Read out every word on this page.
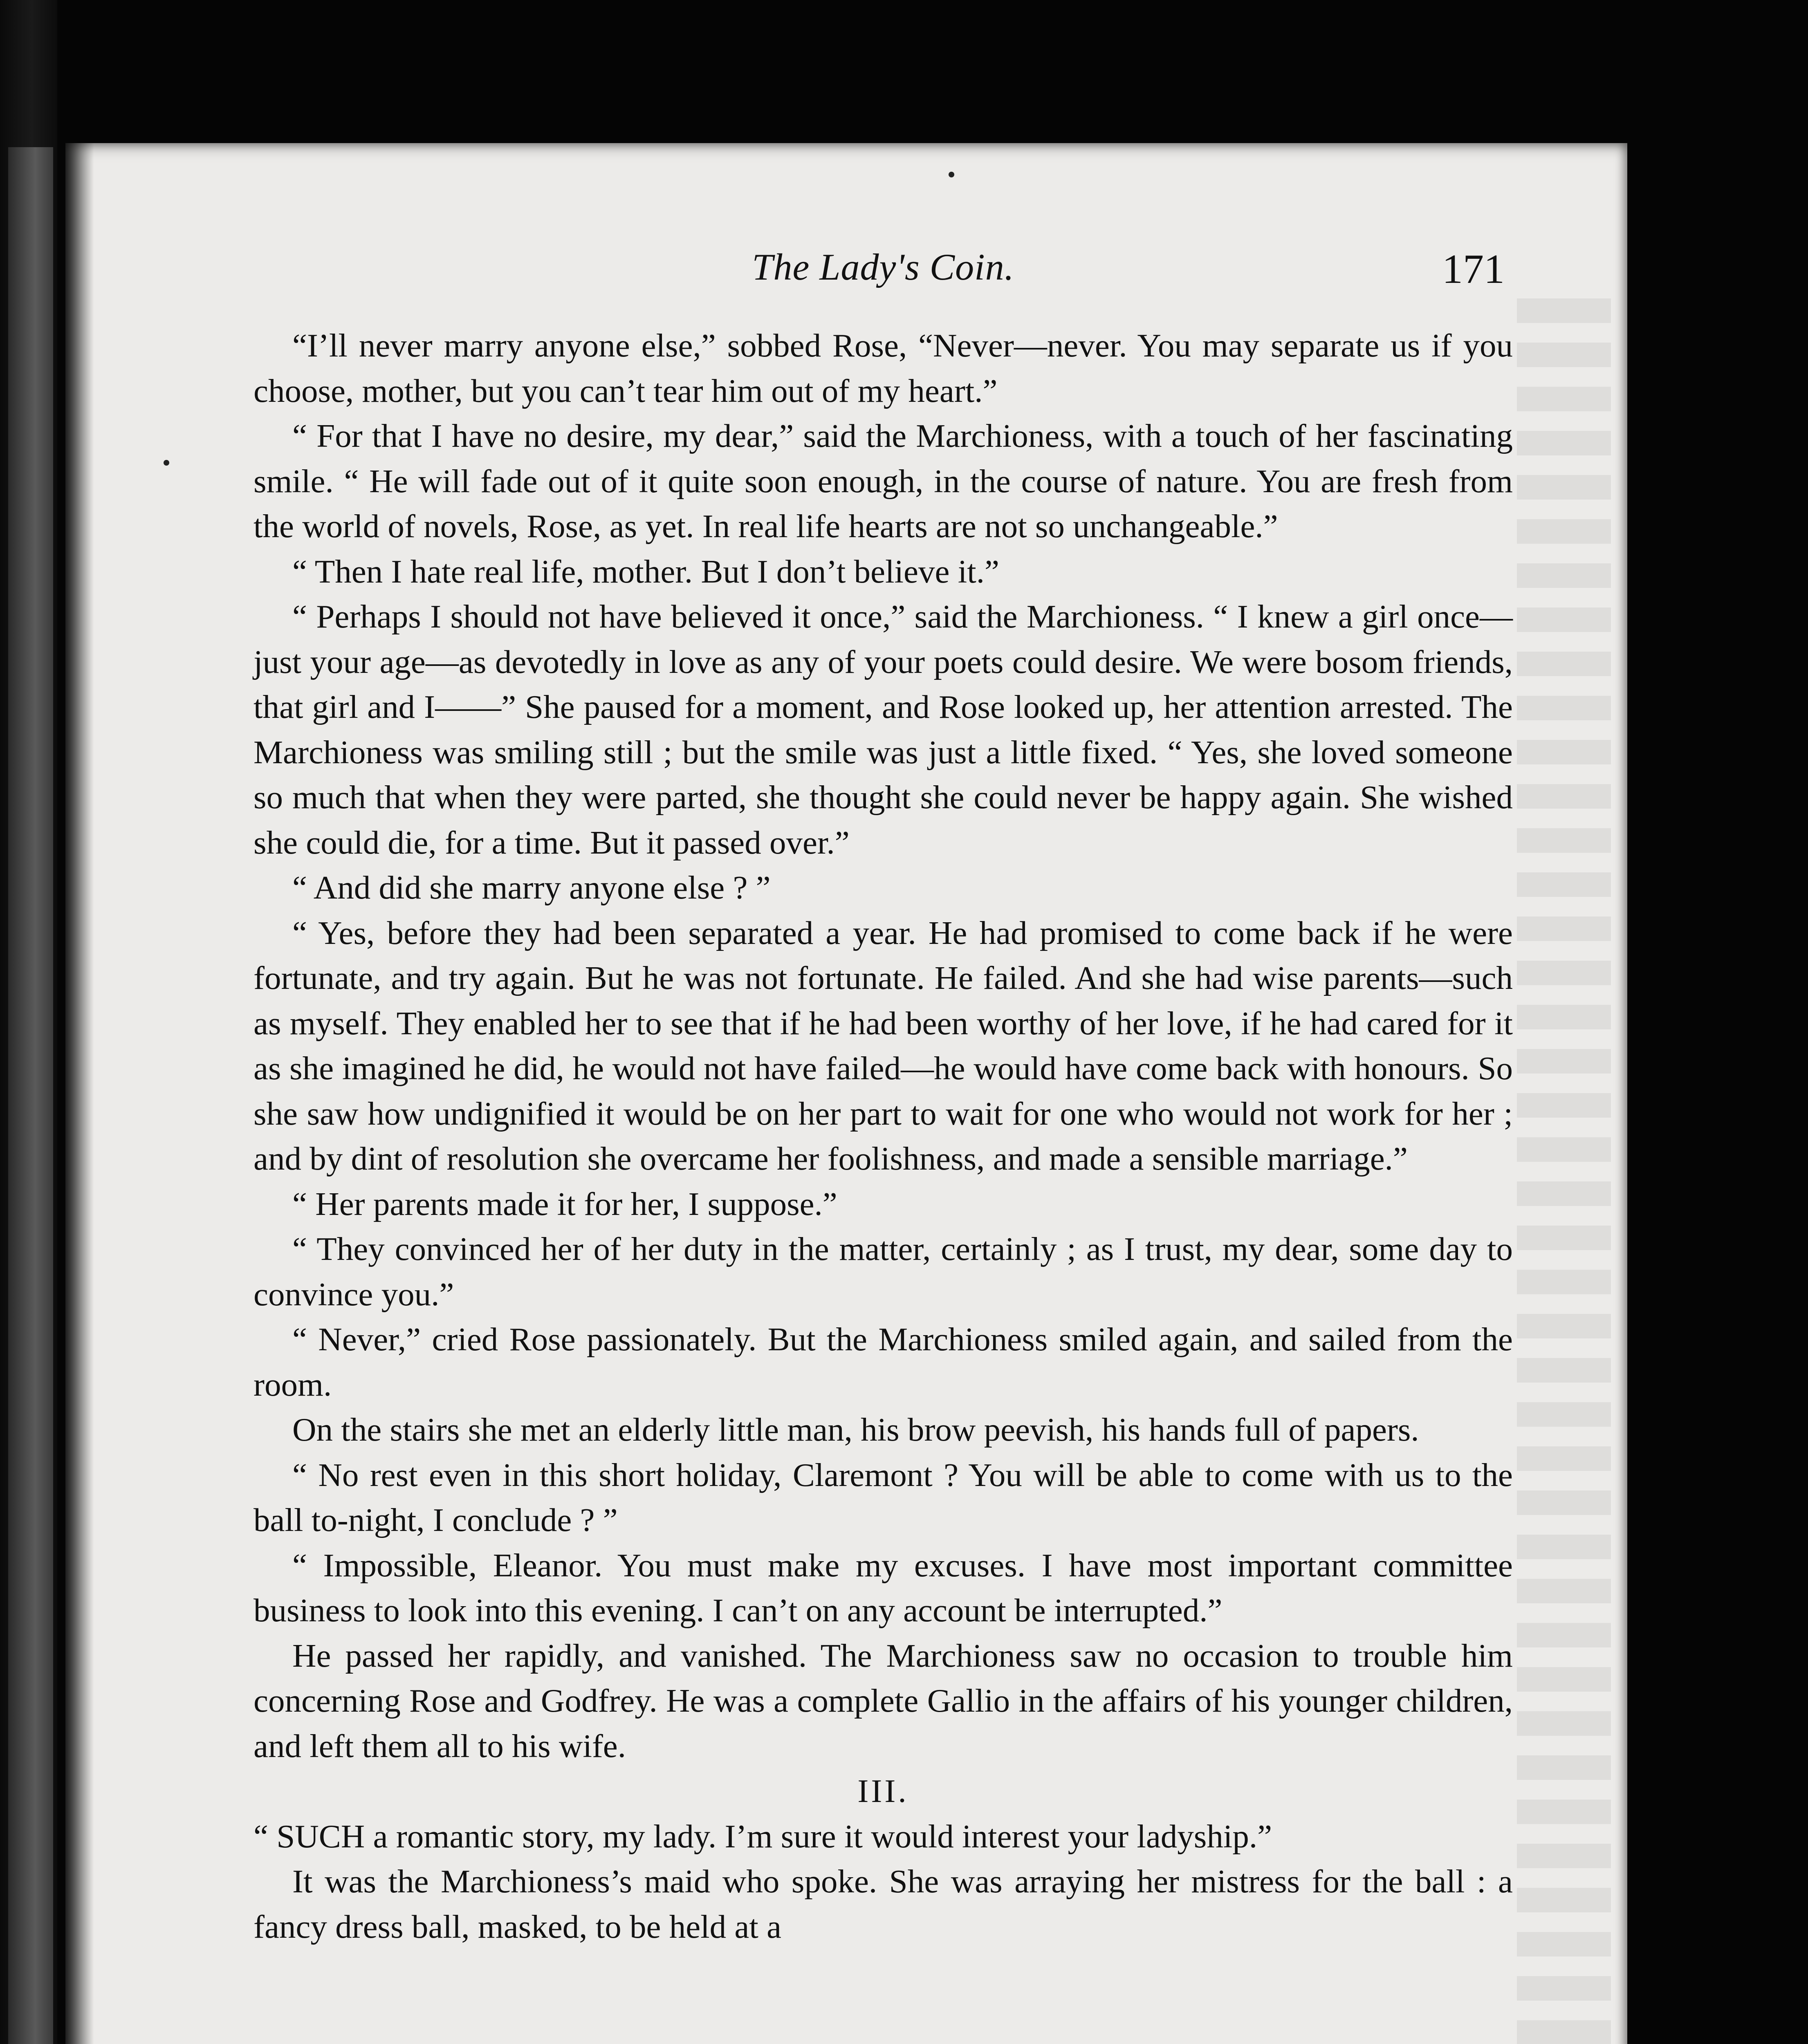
The Lady's Coin.	171

“I’ll never marry anyone else,” sobbed Rose, “Never—never. You may separate us if you choose, mother, but you can’t tear him out of my heart.”

“ For that I have no desire, my dear,” said the Marchioness, with a touch of her fascinating smile. “ He will fade out of it quite soon enough, in the course of nature. You are fresh from the world of novels, Rose, as yet. In real life hearts are not so unchangeable.”

“ Then I hate real life, mother. But I don’t believe it.”

“ Perhaps I should not have believed it once,” said the Marchioness. “ I knew a girl once—just your age—as devotedly in love as any of your poets could desire. We were bosom friends, that girl and I——” She paused for a moment, and Rose looked up, her attention arrested. The Marchioness was smiling still ; but the smile was just a little fixed. “ Yes, she loved someone so much that when they were parted, she thought she could never be happy again. She wished she could die, for a time. But it passed over.”

“ And did she marry anyone else ? ”

“ Yes, before they had been separated a year. He had promised to come back if he were fortunate, and try again. But he was not fortunate. He failed. And she had wise parents—such as myself. They enabled her to see that if he had been worthy of her love, if he had cared for it as she imagined he did, he would not have failed—he would have come back with honours. So she saw how undignified it would be on her part to wait for one who would not work for her ; and by dint of resolution she overcame her foolishness, and made a sensible marriage.”

“ Her parents made it for her, I suppose.”

“ They convinced her of her duty in the matter, certainly ; as I trust, my dear, some day to convince you.”

“ Never,” cried Rose passionately. But the Marchioness smiled again, and sailed from the room.

On the stairs she met an elderly little man, his brow peevish, his hands full of papers.

“ No rest even in this short holiday, Claremont ? You will be able to come with us to the ball to-night, I conclude ? ”

“ Impossible, Eleanor. You must make my excuses. I have most important committee business to look into this evening. I can’t on any account be interrupted.”

He passed her rapidly, and vanished. The Marchioness saw no occasion to trouble him concerning Rose and Godfrey. He was a complete Gallio in the affairs of his younger children, and left them all to his wife.

III.

“ SUCH a romantic story, my lady. I’m sure it would interest your ladyship.”

It was the Marchioness’s maid who spoke. She was arraying her mistress for the ball : a fancy dress ball, masked, to be held at a
